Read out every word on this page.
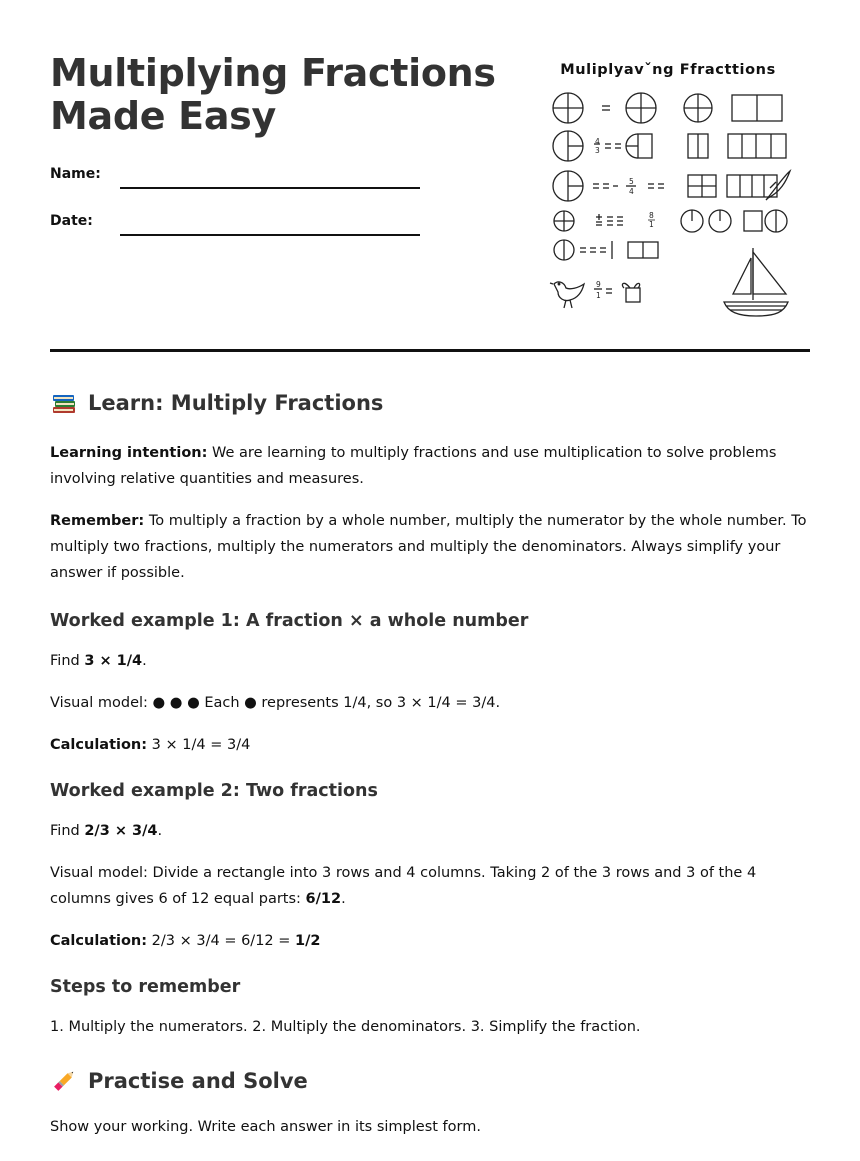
Multiplying Fractions
Made Easy
Name:
Date:
Muliplyavˇng Ffracttions
4
3
5
4
8
1
9
1
Learn: Multiply Fractions

Learning intention: We are learning to multiply fractions and use multiplication to solve problems involving relative quantities and measures.

Remember: To multiply a fraction by a whole number, multiply the numerator by the whole number. To multiply two fractions, multiply the numerators and multiply the denominators. Always simplify your answer if possible.

Worked example 1: A fraction × a whole number

Find 3 × 1/4.

Visual model: ● ● ● Each ● represents 1/4, so 3 × 1/4 = 3/4.

Calculation: 3 × 1/4 = 3/4

Worked example 2: Two fractions

Find 2/3 × 3/4.

Visual model: Divide a rectangle into 3 rows and 4 columns. Taking 2 of the 3 rows and 3 of the 4 columns gives 6 of 12 equal parts: 6/12.

Calculation: 2/3 × 3/4 = 6/12 = 1/2

Steps to remember

1. Multiply the numerators. 2. Multiply the denominators. 3. Simplify the fraction.

Practise and Solve

Show your working. Write each answer in its simplest form.
